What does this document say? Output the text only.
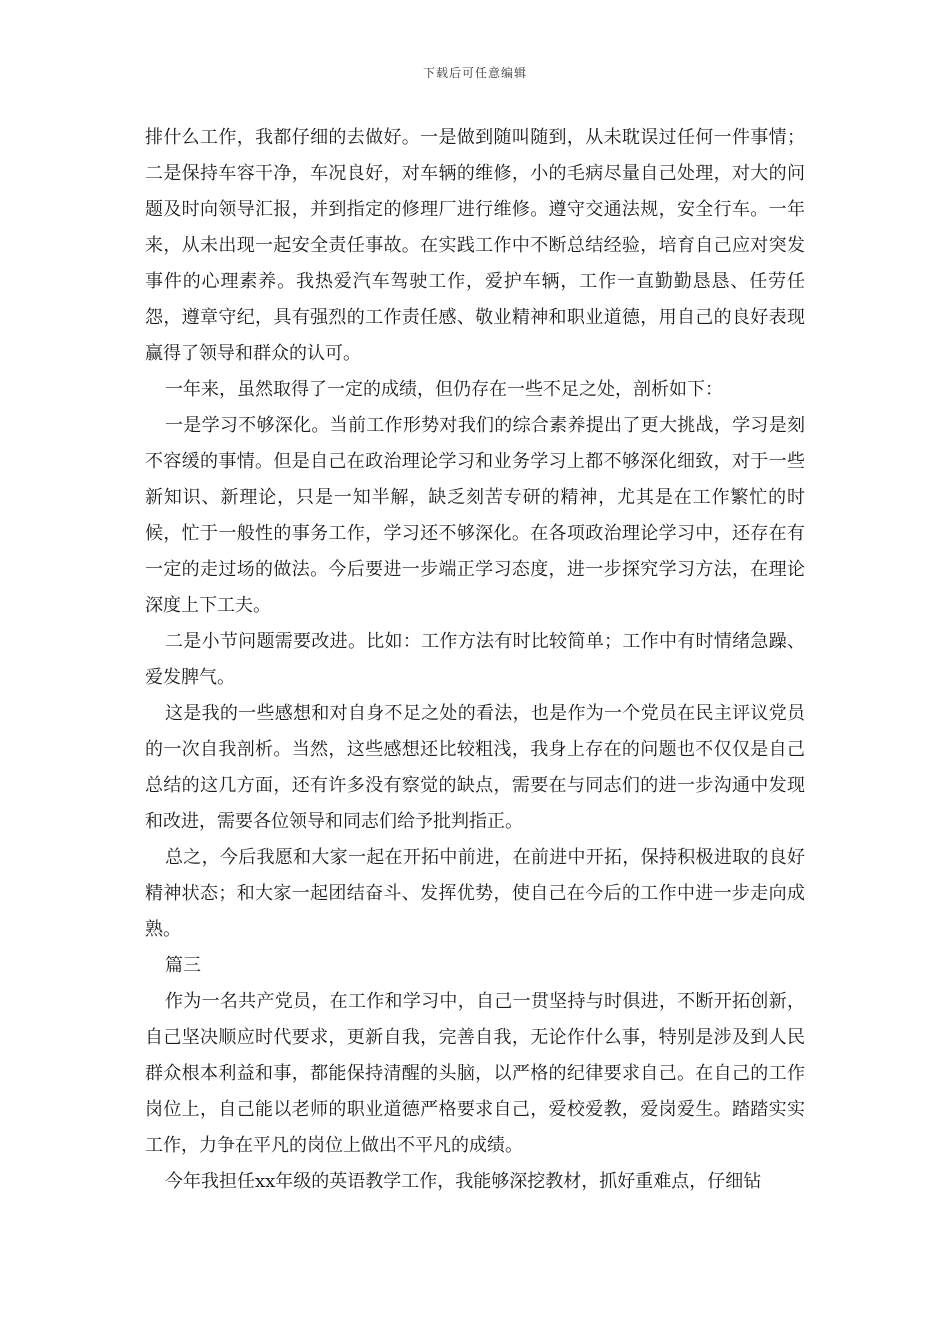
下载后可任意编辑

排什么工作，我都仔细的去做好。一是做到随叫随到，从未耽误过任何一件事情；二是保持车容干净，车况良好，对车辆的维修，小的毛病尽量自己处理，对大的问题及时向领导汇报，并到指定的修理厂进行维修。遵守交通法规，安全行车。一年来，从未出现一起安全责任事故。在实践工作中不断总结经验，培育自己应对突发事件的心理素养。我热爱汽车驾驶工作，爱护车辆，工作一直勤勤恳恳、任劳任怨，遵章守纪，具有强烈的工作责任感、敬业精神和职业道德，用自己的良好表现赢得了领导和群众的认可。

一年来，虽然取得了一定的成绩，但仍存在一些不足之处，剖析如下：

一是学习不够深化。当前工作形势对我们的综合素养提出了更大挑战，学习是刻不容缓的事情。但是自己在政治理论学习和业务学习上都不够深化细致，对于一些新知识、新理论，只是一知半解，缺乏刻苦专研的精神，尤其是在工作繁忙的时候，忙于一般性的事务工作，学习还不够深化。在各项政治理论学习中，还存在有一定的走过场的做法。今后要进一步端正学习态度，进一步探究学习方法，在理论深度上下工夫。

二是小节问题需要改进。比如：工作方法有时比较简单；工作中有时情绪急躁、爱发脾气。

这是我的一些感想和对自身不足之处的看法，也是作为一个党员在民主评议党员的一次自我剖析。当然，这些感想还比较粗浅，我身上存在的问题也不仅仅是自己总结的这几方面，还有许多没有察觉的缺点，需要在与同志们的进一步沟通中发现和改进，需要各位领导和同志们给予批判指正。

总之，今后我愿和大家一起在开拓中前进，在前进中开拓，保持积极进取的良好精神状态；和大家一起团结奋斗、发挥优势，使自己在今后的工作中进一步走向成熟。

篇三

作为一名共产党员，在工作和学习中，自己一贯坚持与时俱进，不断开拓创新，自己坚决顺应时代要求，更新自我，完善自我，无论作什么事，特别是涉及到人民群众根本利益和事，都能保持清醒的头脑，以严格的纪律要求自己。在自己的工作岗位上，自己能以老师的职业道德严格要求自己，爱校爱教，爱岗爱生。踏踏实实工作，力争在平凡的岗位上做出不平凡的成绩。

今年我担任xx年级的英语教学工作，我能够深挖教材，抓好重难点，仔细钻
